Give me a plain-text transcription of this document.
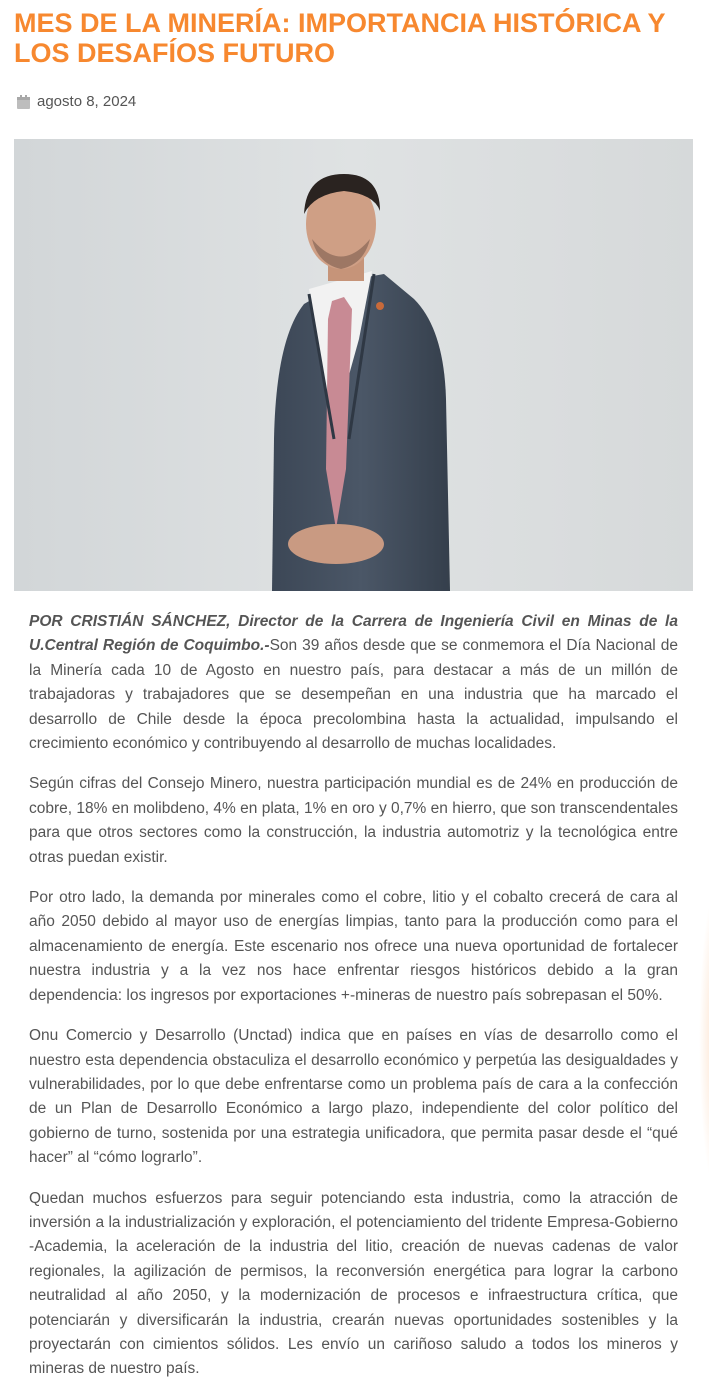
MES DE LA MINERÍA: IMPORTANCIA HISTÓRICA Y LOS DESAFÍOS FUTURO
agosto 8, 2024

POR CRISTIÁN SÁNCHEZ, Director de la Carrera de Ingeniería Civil en Minas de la U.Central Región de Coquimbo.-Son 39 años desde que se conmemora el Día Nacional de la Minería cada 10 de Agosto en nuestro país, para destacar a más de un millón de trabajadoras y trabajadores que se desempeñan en una industria que ha marcado el desarrollo de Chile desde la época precolombina hasta la actualidad, impulsando el crecimiento económico y contribuyendo al desarrollo de muchas localidades.

Según cifras del Consejo Minero, nuestra participación mundial es de 24% en producción de cobre, 18% en molibdeno, 4% en plata, 1% en oro y 0,7% en hierro, que son transcendentales para que otros sectores como la construcción, la industria automotriz y la tecnológica entre otras puedan existir.

Por otro lado, la demanda por minerales como el cobre, litio y el cobalto crecerá de cara al año 2050 debido al mayor uso de energías limpias, tanto para la producción como para el almacenamiento de energía. Este escenario nos ofrece una nueva oportunidad de fortalecer nuestra industria y a la vez nos hace enfrentar riesgos históricos debido a la gran dependencia: los ingresos por exportaciones +-mineras de nuestro país sobrepasan el 50%.

Onu Comercio y Desarrollo (Unctad) indica que en países en vías de desarrollo como el nuestro esta dependencia obstaculiza el desarrollo económico y perpetúa las desigualdades y vulnerabilidades, por lo que debe enfrentarse como un problema país de cara a la confección de un Plan de Desarrollo Económico a largo plazo, independiente del color político del gobierno de turno, sostenida por una estrategia unificadora, que permita pasar desde el “qué hacer” al “cómo lograrlo”.

Quedan muchos esfuerzos para seguir potenciando esta industria, como la atracción de inversión a la industrialización y exploración, el potenciamiento del tridente Empresa-Gobierno -Academia, la aceleración de la industria del litio, creación de nuevas cadenas de valor regionales, la agilización de permisos, la reconversión energética para lograr la carbono neutralidad al año 2050, y la modernización de procesos e infraestructura crítica, que potenciarán y diversificarán la industria, crearán nuevas oportunidades sostenibles y la proyectarán con cimientos sólidos. Les envío un cariñoso saludo a todos los mineros y mineras de nuestro país.
